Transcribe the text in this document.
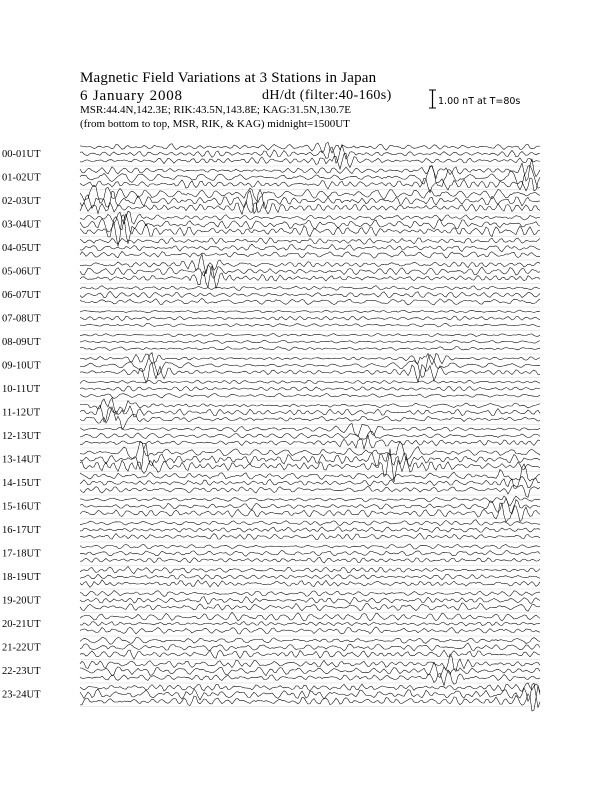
Magnetic Field Variations at 3 Stations in Japan
6 January 2008	dH/dt (filter:40-160s)
MSR:44.4N,142.3E; RIK:43.5N,143.8E; KAG:31.5N,130.7E
(from bottom to top, MSR, RIK, & KAG) midnight=1500UT
1.00 nT at T=80s
00-01UT
01-02UT
02-03UT
03-04UT
04-05UT
05-06UT
06-07UT
07-08UT
08-09UT
09-10UT
10-11UT
11-12UT
12-13UT
13-14UT
14-15UT
15-16UT
16-17UT
17-18UT
18-19UT
19-20UT
20-21UT
21-22UT
22-23UT
23-24UT
